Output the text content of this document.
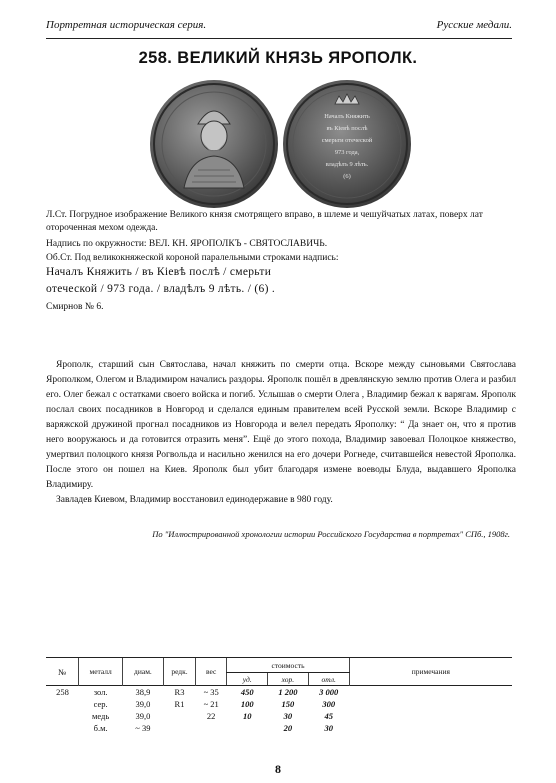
Портретная историческая серия.	Русские медали.
258. ВЕЛИКИЙ КНЯЗЬ ЯРОПОЛК.
Началъ Княжить
въ Кіевѣ послѣ
смерьти отеческой
973 года,
владѣлъ 9 лѣть.
(6)
Л.Ст. Погрудное изображение Великого князя смотрящего вправо, в шлеме и чешуйчатых латах, поверх лат отороченная мехом одежда.
Надпись по окружности: ВЕЛ. КН. ЯРОПОЛКЪ - СВЯТОСЛАВИЧЬ.
Об.Ст. Под великокняжеской короной паралельными строками надпись:
Началъ Княжить / въ Кіевѣ послѣ / смерьти
отеческой / 973 года. / владѣлъ 9 лѣть. / (6) .
Смирнов № 6.

Ярополк, старший сын Святослава, начал княжить по смерти отца. Вскоре между сыновьями Святослава Ярополком, Олегом и Владимиром начались раздоры. Ярополк пошёл в древлянскую землю против Олега и разбил его. Олег бежал с остатками своего войска и погиб. Услышав о смерти Олега , Владимир бежал к варягам. Ярополк послал своих посадников в Новгород и сделался единым правителем всей Русской земли. Вскоре Владимир с варяжской дружиной прогнал посадников из Новгорода и велел передать Ярополку: “ Да знает он, что я против него вооружаюсь и да готовится отразить меня”. Ещё до этого похода, Владимир завоевал Полоцкое княжество, умертвил полоцкого князя Рогвольда и насильно женился на его дочери Рогнеде, считавшейся невестой Ярополка. После этого он пошел на Киев. Ярополк был убит благодаря измене воеводы Блуда, выдавшего Ярополка Владимиру.

Завладев Киевом, Владимир восстановил единодержавие в 980 году.

По "Иллюстрированной хронологии истории Российского Государства в портретах" СПб., 1908г.
№	металл	диам.	редк.	вес	стоимость			примечания
					уд.	хор.	отл.	
258	зол.	38,9	R3	~ 35	450	1 200	3 000	
	сер.	39,0	R1	~ 21	100	150	300	
	медь	39,0		22	10	30	45	
	б.м.	~ 39				20	30	
8
